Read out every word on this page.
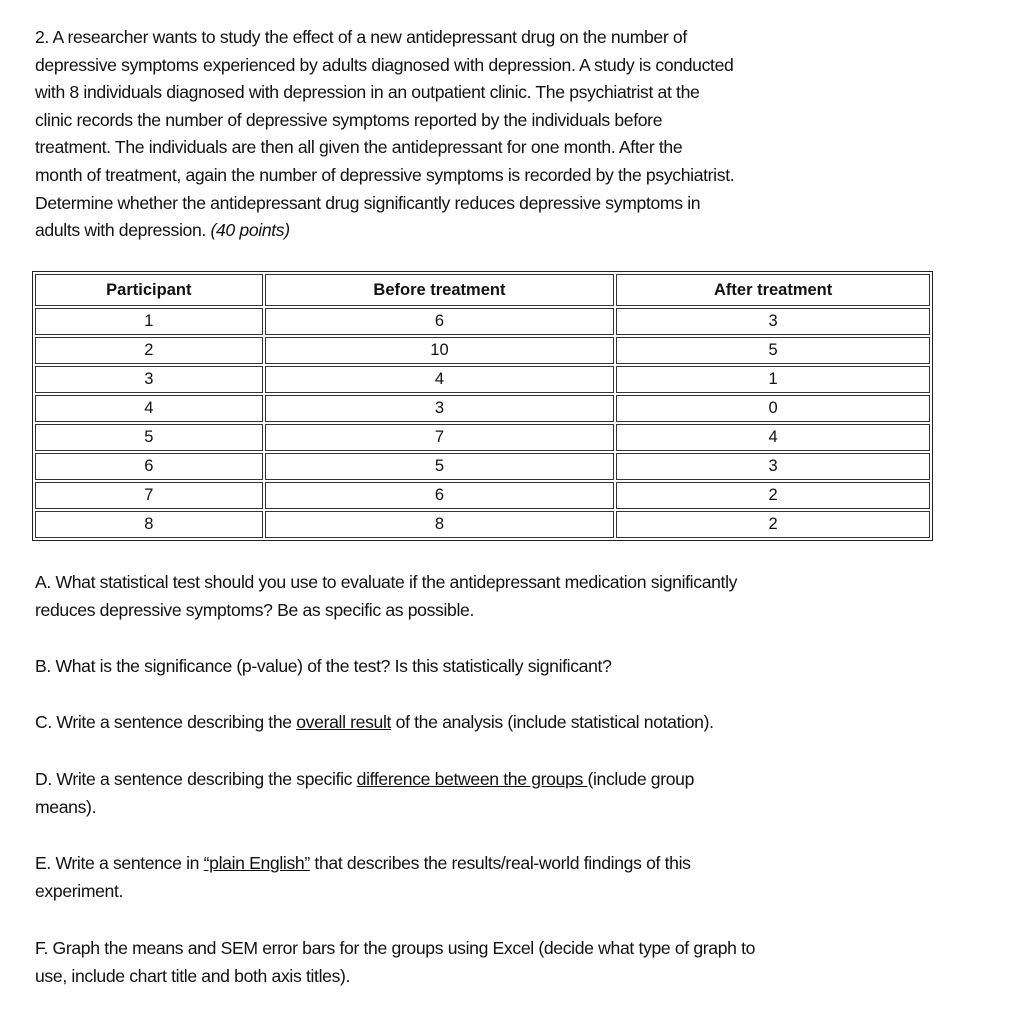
2. A researcher wants to study the effect of a new antidepressant drug on the number of
depressive symptoms experienced by adults diagnosed with depression. A study is conducted
with 8 individuals diagnosed with depression in an outpatient clinic. The psychiatrist at the
clinic records the number of depressive symptoms reported by the individuals before
treatment. The individuals are then all given the antidepressant for one month. After the
month of treatment, again the number of depressive symptoms is recorded by the psychiatrist.
Determine whether the antidepressant drug significantly reduces depressive symptoms in
adults with depression. (40 points)
Participant	Before treatment	After treatment
1	6	3
2	10	5
3	4	1
4	3	0
5	7	4
6	5	3
7	6	2
8	8	2
A. What statistical test should you use to evaluate if the antidepressant medication significantly
reduces depressive symptoms? Be as specific as possible.
B. What is the significance (p-value) of the test? Is this statistically significant?
C. Write a sentence describing the overall result of the analysis (include statistical notation).
D. Write a sentence describing the specific difference between the groups (include group
means).
E. Write a sentence in “plain English” that describes the results/real-world findings of this
experiment.
F. Graph the means and SEM error bars for the groups using Excel (decide what type of graph to
use, include chart title and both axis titles).
